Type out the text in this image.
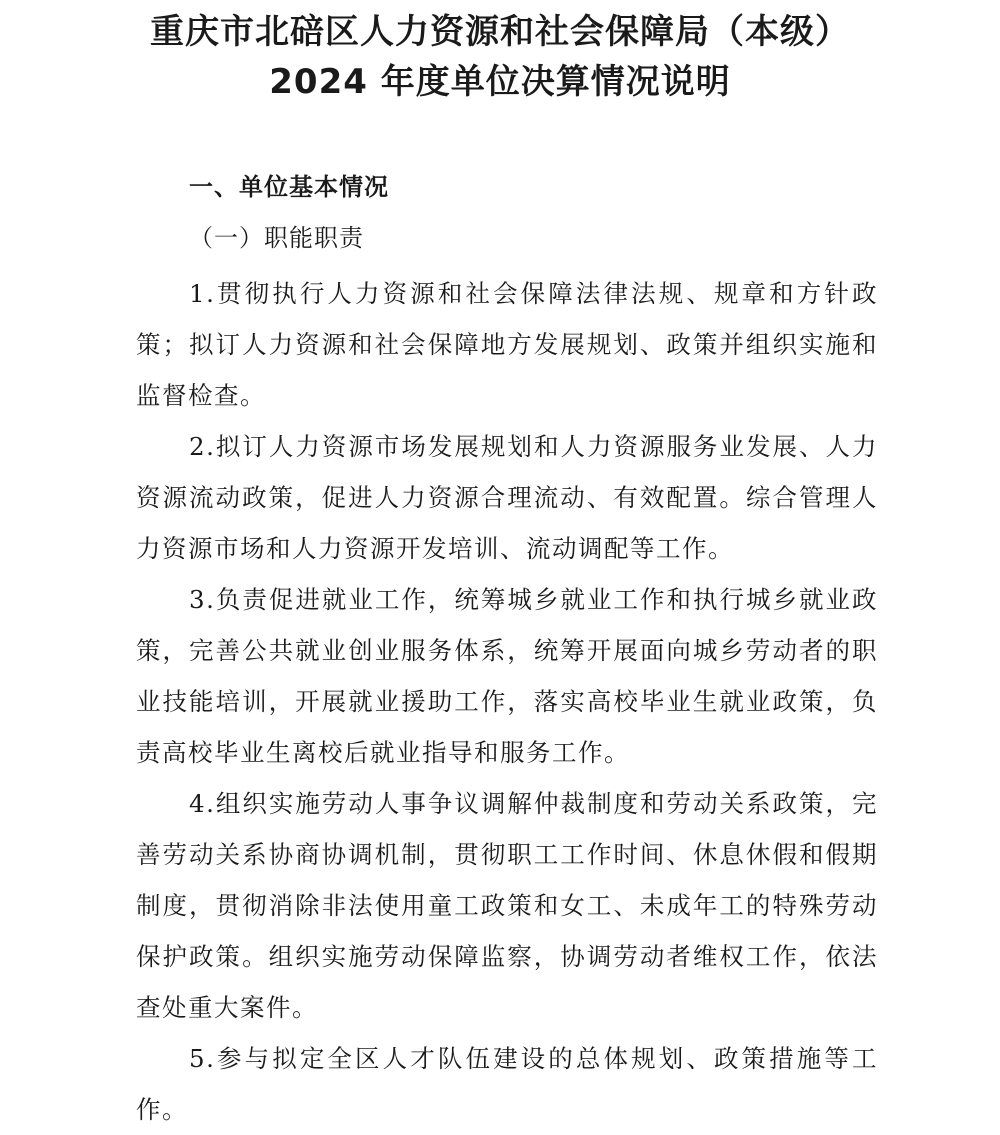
重庆市北碚区人力资源和社会保障局（本级）
2024 年度单位决算情况说明
一、单位基本情况
（一）职能职责

1.贯彻执行人力资源和社会保障法律法规、规章和方针政策；拟订人力资源和社会保障地方发展规划、政策并组织实施和监督检查。

2.拟订人力资源市场发展规划和人力资源服务业发展、人力资源流动政策，促进人力资源合理流动、有效配置。综合管理人力资源市场和人力资源开发培训、流动调配等工作。

3.负责促进就业工作，统筹城乡就业工作和执行城乡就业政策，完善公共就业创业服务体系，统筹开展面向城乡劳动者的职业技能培训，开展就业援助工作，落实高校毕业生就业政策，负责高校毕业生离校后就业指导和服务工作。

4.组织实施劳动人事争议调解仲裁制度和劳动关系政策，完善劳动关系协商协调机制，贯彻职工工作时间、休息休假和假期制度，贯彻消除非法使用童工政策和女工、未成年工的特殊劳动保护政策。组织实施劳动保障监察，协调劳动者维权工作，依法查处重大案件。

5.参与拟定全区人才队伍建设的总体规划、政策措施等工作。
